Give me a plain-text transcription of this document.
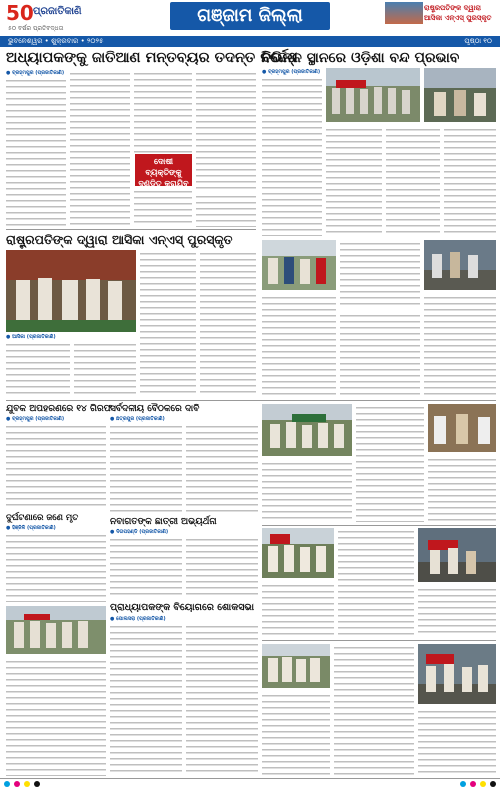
50 ପ୍ରଜାତିକାଣି
୫୦ ବର୍ଷର ପ୍ରତିବଦ୍ଧତା
ଗଞ୍ଜାମ ଜିଲ୍ଲା	ରାଷ୍ଟ୍ରପତିଙ୍କ ଦ୍ୱାରା ଆସିକା ଏନ୍‌ଏସ୍‌ ପୁରସ୍କୃତ
ଭୁବନେଶ୍ୱର • ଶୁକ୍ରବାର • ୨୦୨୫	ପୃଷ୍ଠା ୧୦
ଅଧ୍ୟାପକଙ୍କୁ ଜାତିଆଣ ମନ୍ତବ୍ୟର ତଦନ୍ତ ନିର୍ଦ୍ଦେଶ
● ବ୍ରହ୍ମପୁର (ପ୍ରଜାତିକାଣି)
ଦୋଷୀ ବ୍ୟକ୍ତିଙ୍କୁ ଦଣ୍ଡିତ କରାଯିବ
ବିଭିନ୍ନ ସ୍ଥାନରେ ଓଡ଼ିଶା ବନ୍ଦ ପ୍ରଭାବ
● ବ୍ରହ୍ମପୁର (ପ୍ରଜାତିକାଣି)
ରାଷ୍ଟ୍ରପତିଙ୍କ ଦ୍ୱାରା ଆସିକା ଏନ୍‌ଏସ୍‌ ପୁରସ୍କୃତ
● ଆସିକା (ପ୍ରଜାତିକାଣି)
ସର୍ବଦଳୀୟ ବୈଠକରେ ଦାବି
● ଛତ୍ରପୁର (ପ୍ରଜାତିକାଣି)
ଯୁବକ ଅପହରଣରେ ୧୪ ଗିରଫ
● ବ୍ରହ୍ମପୁର (ପ୍ରଜାତିକାଣି)
ଦୁର୍ଘଟଣାରେ ଜଣେ ମୃତ
● ହିଞ୍ଜିଳି (ପ୍ରଜାତିକାଣି)
ନବାଗତଙ୍କ ଛାତ୍ରୀ ଅଭ୍ୟର୍ଥନା
● ଦିଗପହଣ୍ଡି (ପ୍ରଜାତିକାଣି)
ପ୍ରାଧ୍ୟାପକଙ୍କ ବିୟୋଗରେ ଶୋକସଭା
● ପୋଲସରା (ପ୍ରଜାତିକାଣି)
